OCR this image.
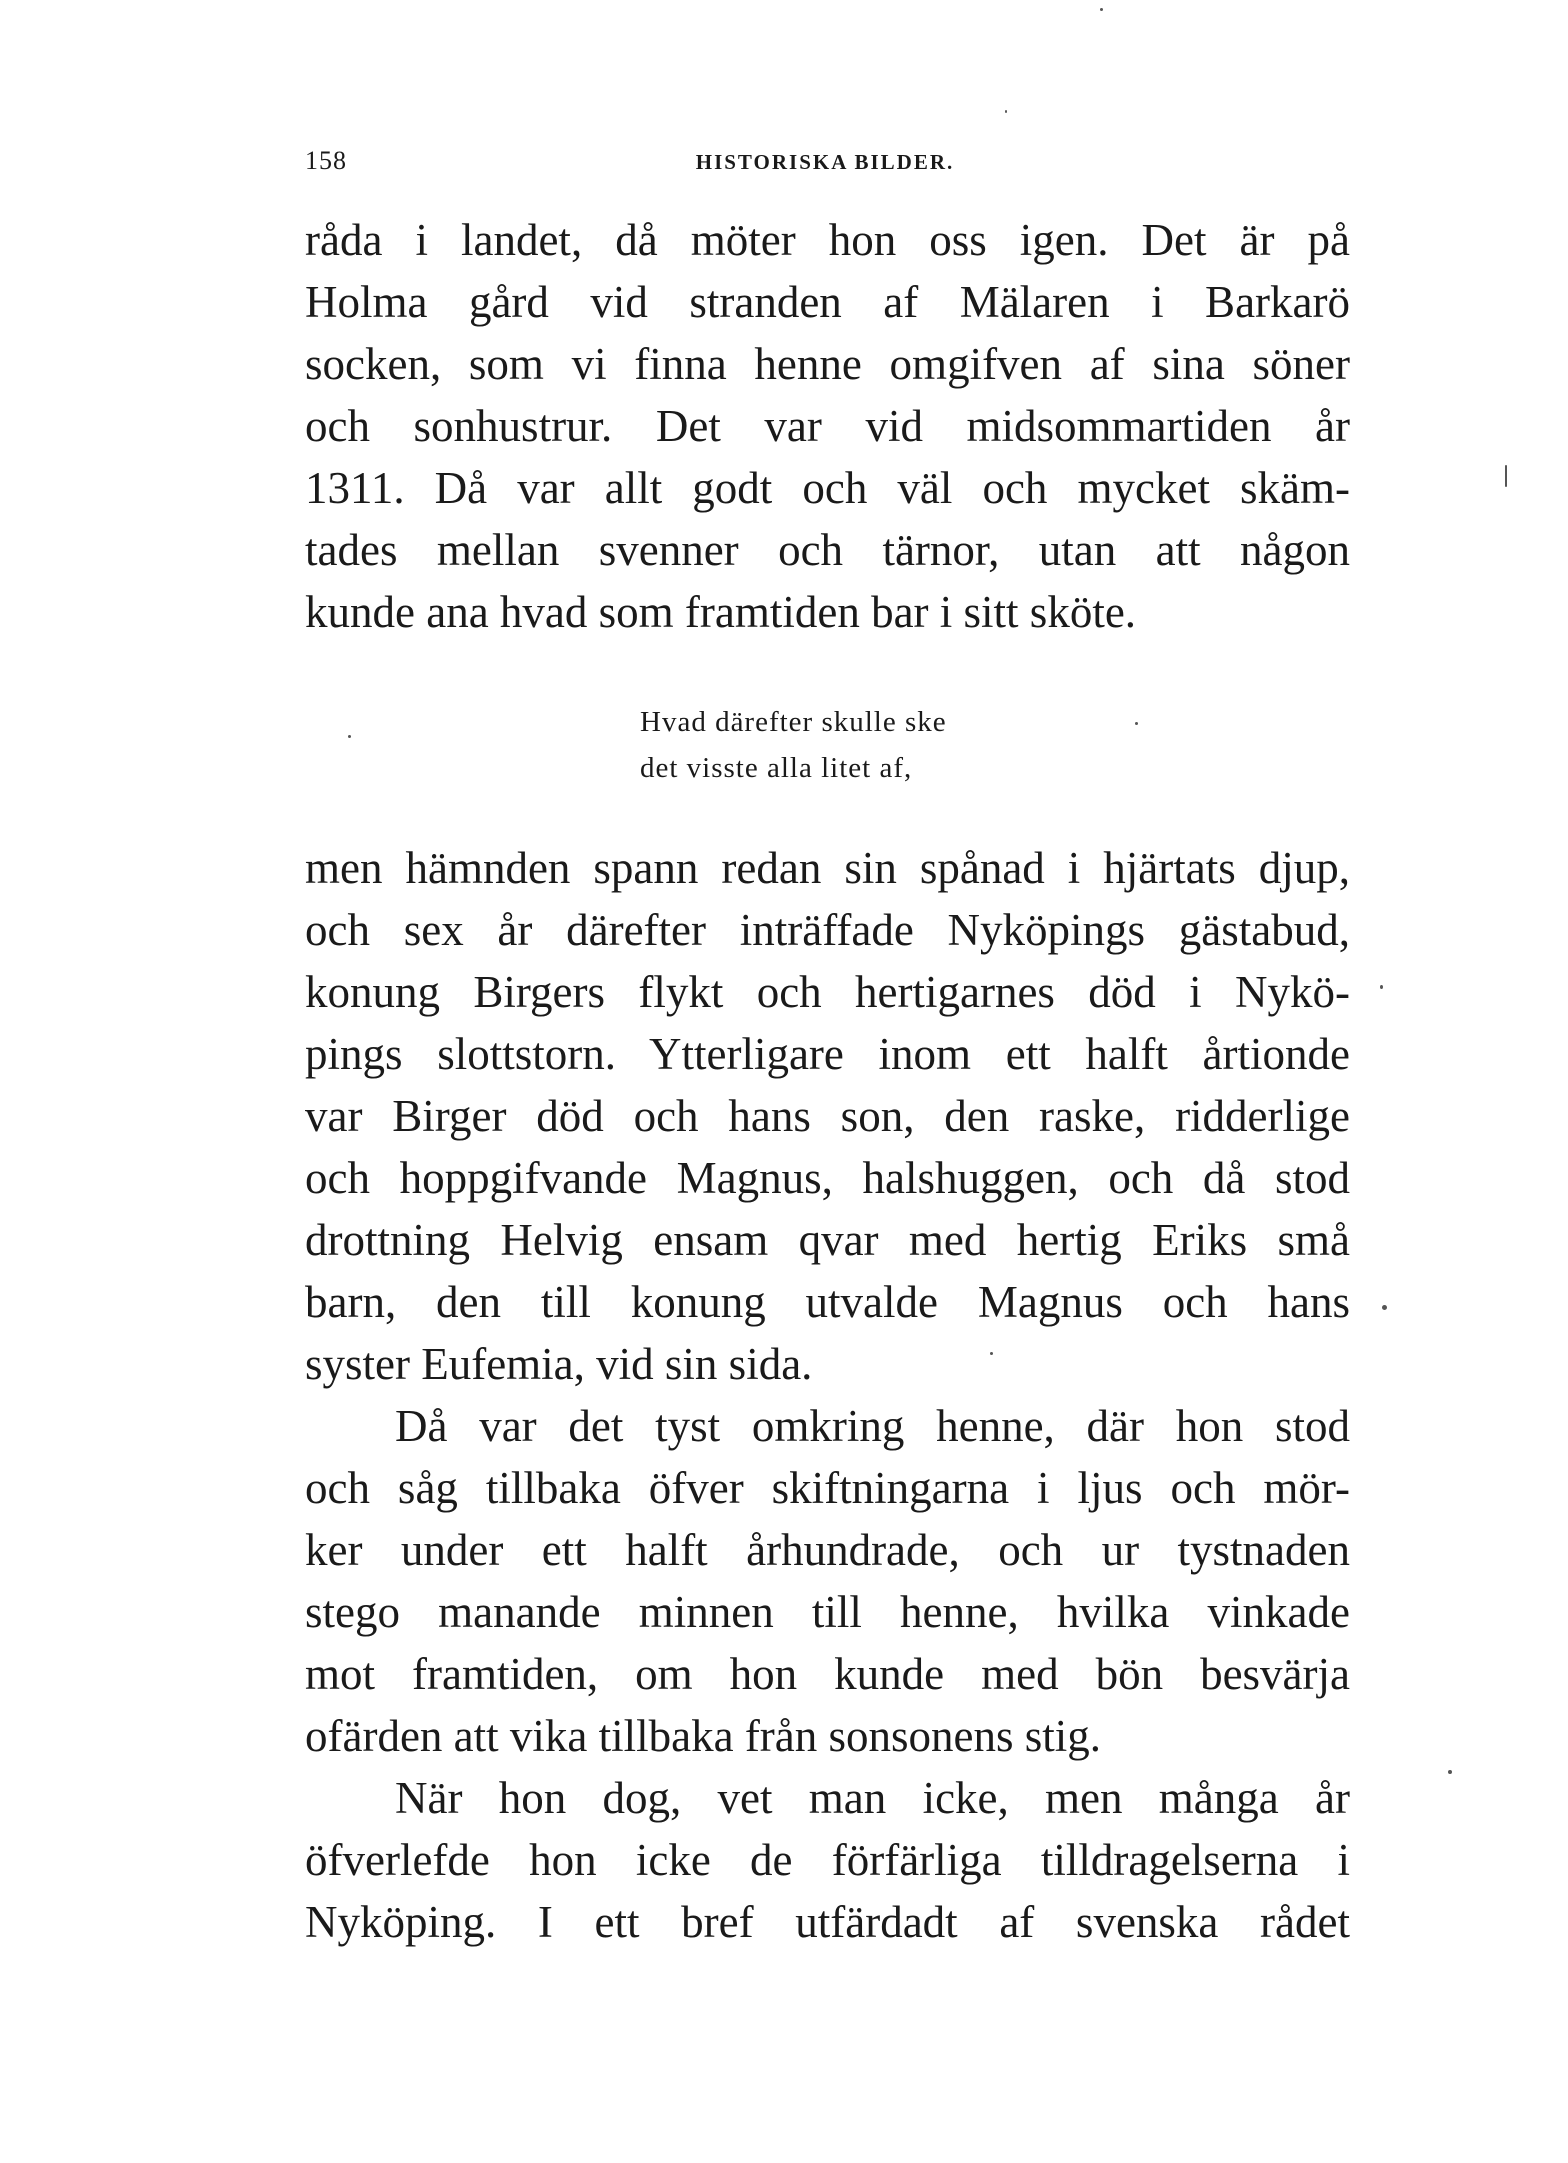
158	HISTORISKA BILDER.
råda i landet, då möter hon oss igen. Det är på
Holma gård vid stranden af Mälaren i Barkarö
socken, som vi finna henne omgifven af sina söner
och sonhustrur. Det var vid midsommartiden år
1311. Då var allt godt och väl och mycket skäm-
tades mellan svenner och tärnor, utan att någon
kunde ana hvad som framtiden bar i sitt sköte.
Hvad därefter skulle ske
det visste alla litet af,
men hämnden spann redan sin spånad i hjärtats djup,
och sex år därefter inträffade Nyköpings gästabud,
konung Birgers flykt och hertigarnes död i Nykö-
pings slottstorn. Ytterligare inom ett halft årtionde
var Birger död och hans son, den raske, ridderlige
och hoppgifvande Magnus, halshuggen, och då stod
drottning Helvig ensam qvar med hertig Eriks små
barn, den till konung utvalde Magnus och hans
syster Eufemia, vid sin sida.
Då var det tyst omkring henne, där hon stod
och såg tillbaka öfver skiftningarna i ljus och mör-
ker under ett halft århundrade, och ur tystnaden
stego manande minnen till henne, hvilka vinkade
mot framtiden, om hon kunde med bön besvärja
ofärden att vika tillbaka från sonsonens stig.
När hon dog, vet man icke, men många år
öfverlefde hon icke de förfärliga tilldragelserna i
Nyköping. I ett bref utfärdadt af svenska rådet
